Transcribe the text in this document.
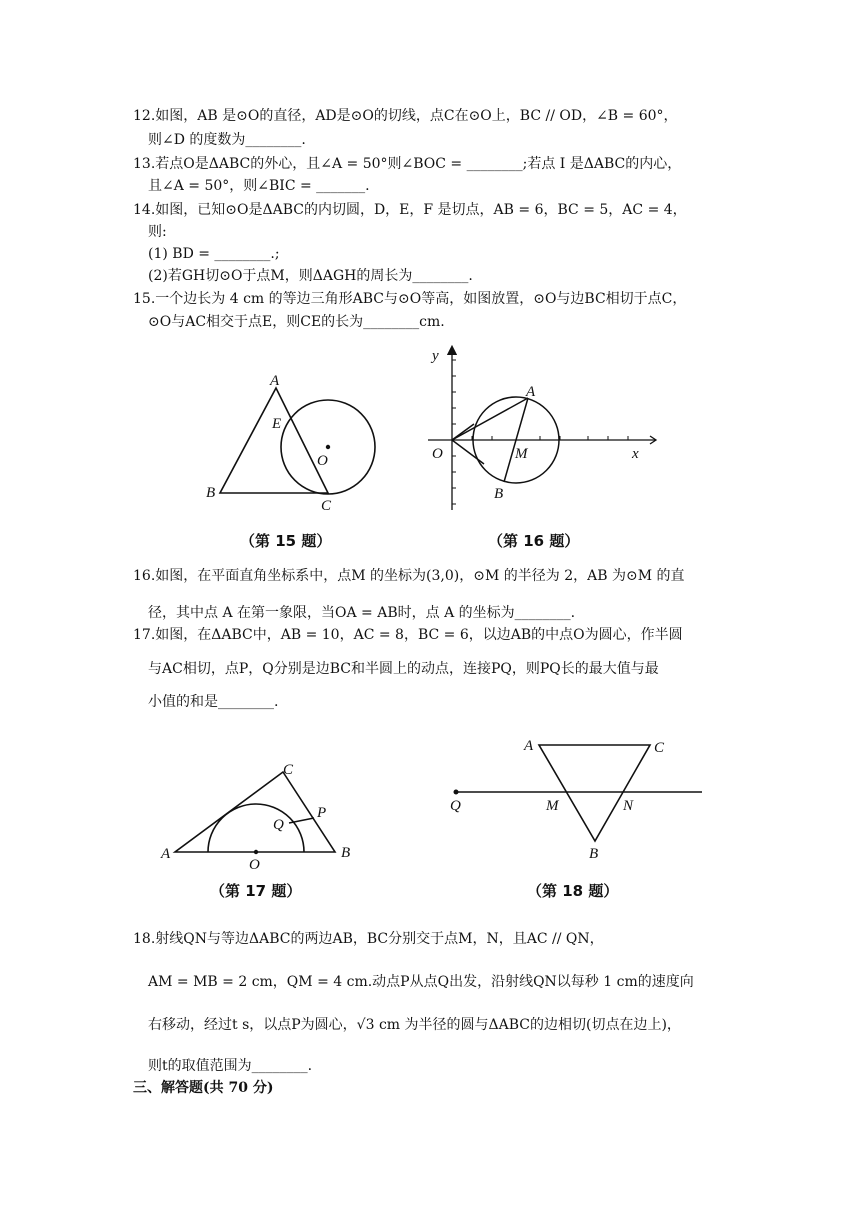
12.如图，AB 是⊙O的直径，AD是⊙O的切线，点C在⊙O上，BC // OD，∠B = 60°，
则∠D 的度数为________.
13.若点O是ΔABC的外心，且∠A = 50°则∠BOC = ________;若点 I 是ΔABC的内心，
且∠A = 50°，则∠BIC = _______.
14.如图，已知⊙O是ΔABC的内切圆，D，E，F 是切点，AB = 6，BC = 5，AC = 4，
则:
(1) BD = ________.;
(2)若GH切⊙O于点M，则ΔAGH的周长为________.
15.一个边长为 4 cm 的等边三角形ABC与⊙O等高，如图放置，⊙O与边BC相切于点C，
⊙O与AC相交于点E，则CE的长为________cm.
A
B
C
E
O
（第 15 题）
y
x
O
A
B
M
（第 16 题）
16.如图，在平面直角坐标系中，点M 的坐标为(3,0)，⊙M 的半径为 2，AB 为⊙M 的直
径，其中点 A 在第一象限，当OA = AB时，点 A 的坐标为________.
17.如图，在ΔABC中，AB = 10，AC = 8，BC = 6，以边AB的中点O为圆心，作半圆
与AC相切，点P，Q分别是边BC和半圆上的动点，连接PQ，则PQ长的最大值与最
小值的和是________.
A	B
C
O
P
Q
（第 17 题）
A	C
B
Q	M	N
（第 18 题）
18.射线QN与等边ΔABC的两边AB，BC分别交于点M，N，且AC // QN，
AM = MB = 2 cm，QM = 4 cm.动点P从点Q出发，沿射线QN以每秒 1 cm的速度向
右移动，经过t s，以点P为圆心，√3 cm 为半径的圆与ΔABC的边相切(切点在边上)，
则t的取值范围为________.
三、解答题(共 70 分)
